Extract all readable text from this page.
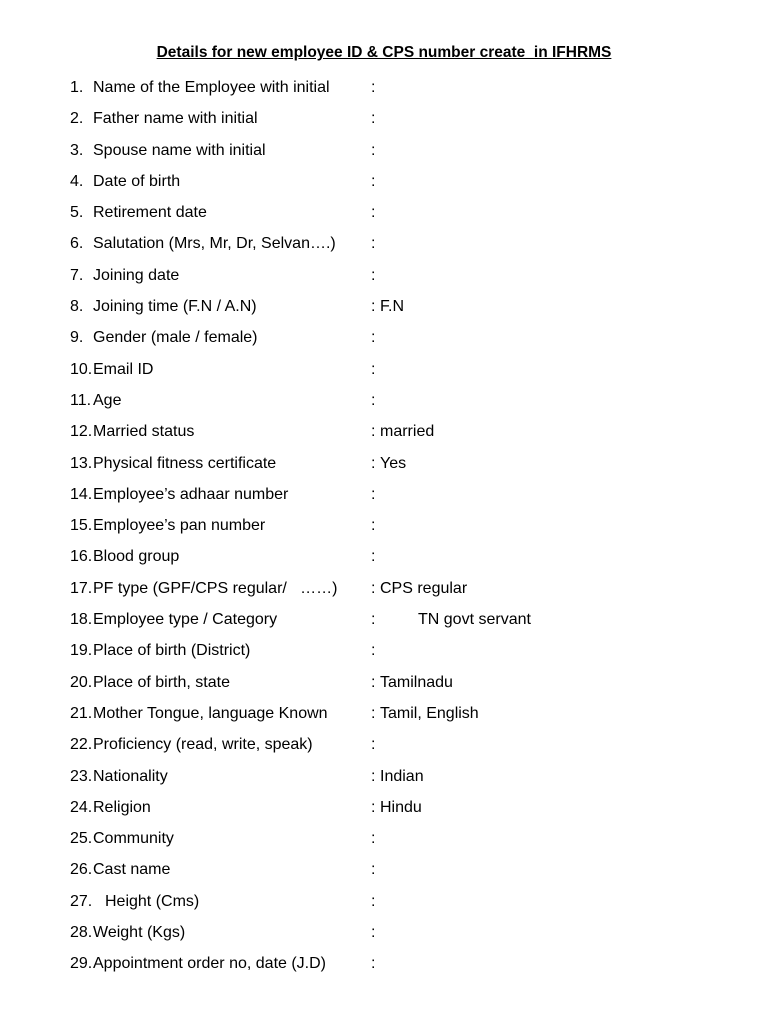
Details for new employee ID & CPS number create  in IFHRMS
1. Name of the Employee with initial	:
2. Father name with initial	:
3. Spouse name with initial	:
4. Date of birth	:
5. Retirement date	:
6. Salutation (Mrs, Mr, Dr, Selvan….) :
7. Joining date	:
8. Joining time (F.N / A.N)	: F.N
9. Gender (male / female)	:
10. Email ID	:
11. Age	:
12. Married status	: married
13. Physical fitness certificate	: Yes
14. Employee’s adhaar number	:
15. Employee’s pan number	:
16. Blood group	:
17. PF type (GPF/CPS regular/   ……) : CPS regular
18. Employee type / Category	:	TN govt servant
19. Place of birth (District)	:
20. Place of birth, state	: Tamilnadu
21. Mother Tongue, language Known	: Tamil, English
22. Proficiency (read, write, speak)	:
23. Nationality	: Indian
24. Religion	: Hindu
25. Community	:
26. Cast name	:
27. Height (Cms)	:
28. Weight (Kgs)	:
29. Appointment order no, date (J.D)	:
